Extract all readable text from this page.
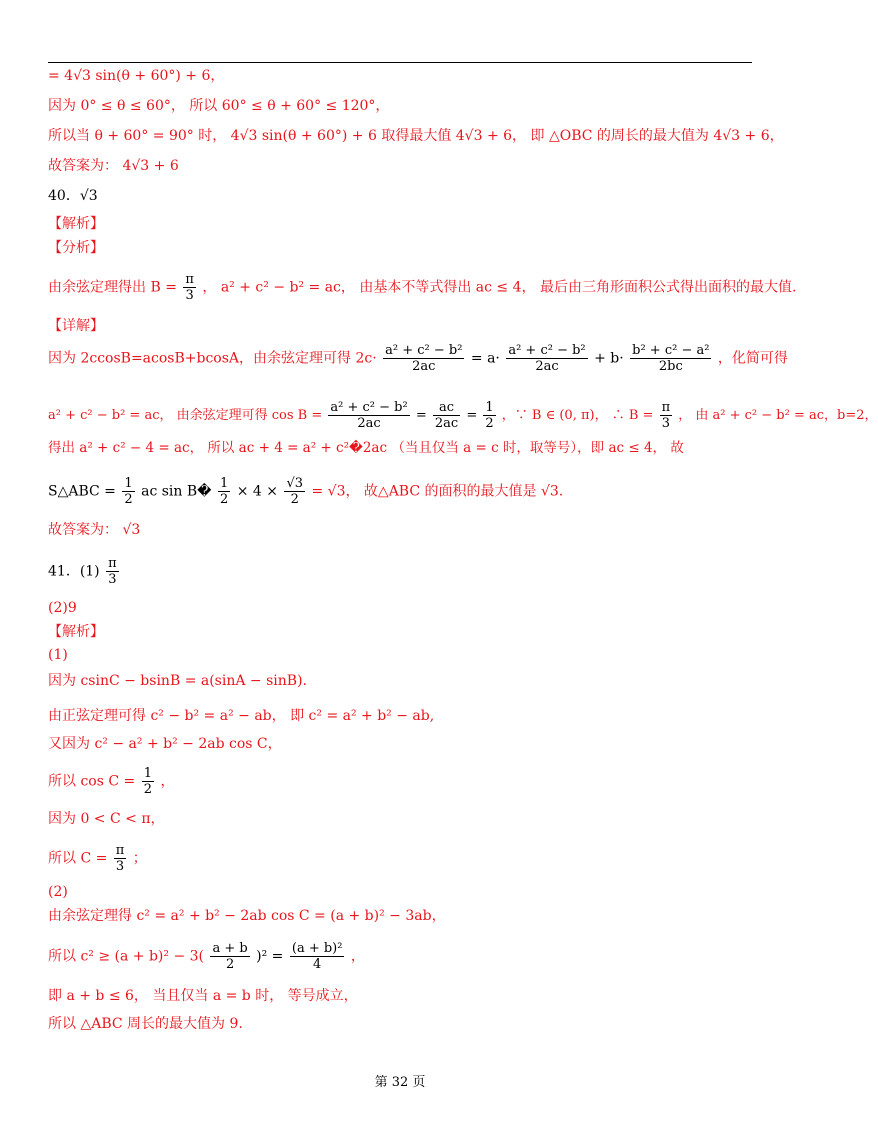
= 4√3 sin(θ + 60°) + 6，
因为 0° ≤ θ ≤ 60°， 所以 60° ≤ θ + 60° ≤ 120°，
所以当 θ + 60° = 90° 时， 4√3 sin(θ + 60°) + 6 取得最大值 4√3 + 6， 即 △OBC 的周长的最大值为 4√3 + 6，
故答案为： 4√3 + 6
40．√3
【解析】
【分析】
由余弦定理得出 $B = \frac{\pi}{3}$ ， a² + c² − b² = ac， 由基本不等式得出 ac ≤ 4， 最后由三角形面积公式得出面积的最大值.
【详解】
因为 2ccosB=acosB+bcosA，由余弦定理可得 $2c\cdot \frac{\text{a² + c² − b²}}{2ac} = a\cdot \frac{\text{a² + c² − b²}}{2ac} + b\cdot \frac{\text{b² + c² − a²}}{2bc}$ ，化简可得
a² + c² − b² = ac， 由余弦定理可得 $\cos B = \frac{\text{a² + c² − b²}}{2ac} = \frac{ac}{2ac} = \frac{1}{2}$ ，∵ B ∈ (0, π)， ∴ $B = \frac{\pi}{3}$ ， 由 a² + c² − b² = ac，b=2，
得出 a² + c² − 4 = ac， 所以 ac + 4 = a² + c²�2ac （当且仅当 a = c 时，取等号），即 ac ≤ 4， 故
S△ABC = $\frac{1}{2}$ ac sin B� $\frac{1}{2} \times 4 \times \frac{√3}{2} = √3$， 故△ABC 的面积的最大值是 √3.
故答案为： √3
41．$(1) \frac{\pi}{3}$
(2)9
【解析】
(1)
因为 csinC − bsinB = a(sinA − sinB).
由正弦定理可得 c² − b² = a² − ab， 即 c² = a² + b² − ab,
又因为 c² − a² + b² − 2ab cos C，
所以 $\cos C = \frac{1}{2}$ ，
因为 0 < C < π，
所以 $C = \frac{\pi}{3}$ ；
(2)
由余弦定理得 c² = a² + b² − 2ab cos C = (a + b)² − 3ab，
所以 $c^2 \ge (a + b)^2 - 3( \frac{a + b}{2} )^2 = \frac{\text{(a + b)²}}{4}$ ，
即 a + b ≤ 6， 当且仅当 a = b 时， 等号成立，
所以 △ABC 周长的最大值为 9.
第 32 页
